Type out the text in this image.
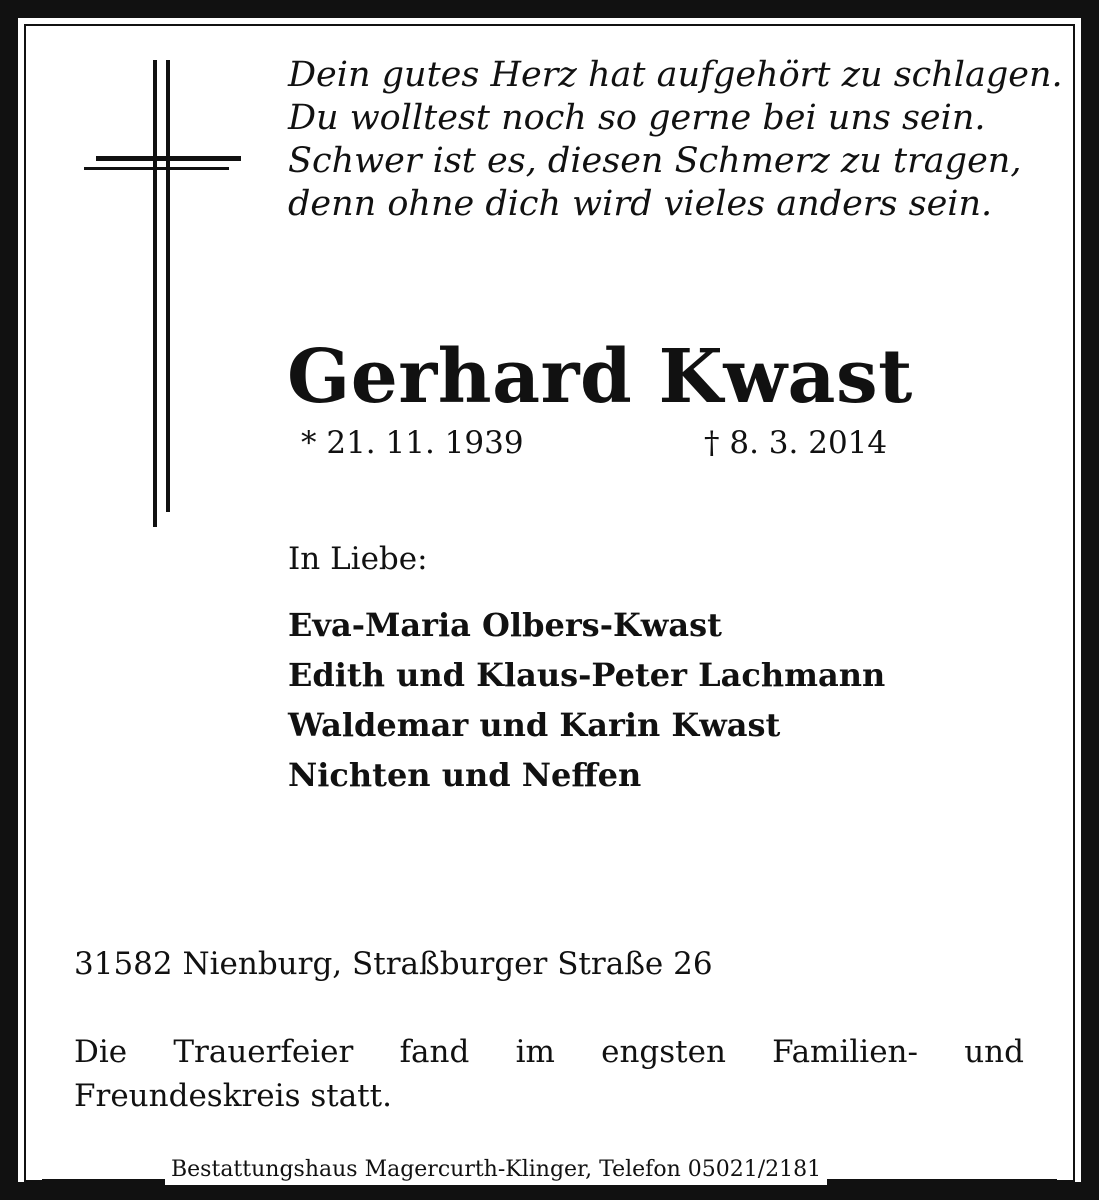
Dein gutes Herz hat aufgehört zu schlagen.
Du wolltest noch so gerne bei uns sein.
Schwer ist es, diesen Schmerz zu tragen,
denn ohne dich wird vieles anders sein.
Gerhard Kwast
* 21. 11. 1939	† 8. 3. 2014
In Liebe:
Eva-Maria Olbers-Kwast
Edith und Klaus-Peter Lachmann
Waldemar und Karin Kwast
Nichten und Neffen
31582 Nienburg, Straßburger Straße 26
Die Trauerfeier fand im engsten Familien- und Freundeskreis statt.
Bestattungshaus Magercurth-Klinger, Telefon 05021/2181
